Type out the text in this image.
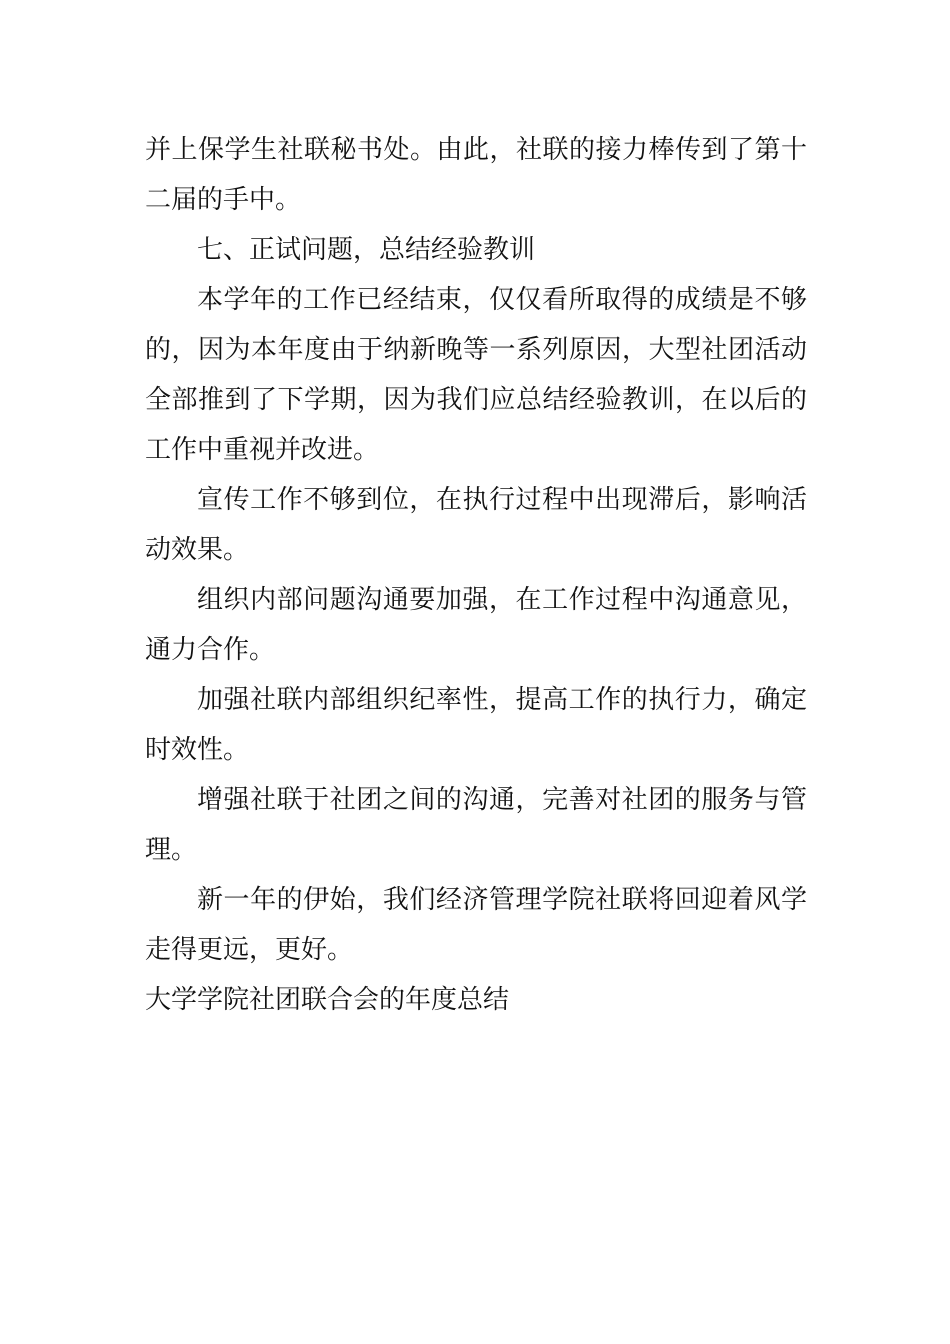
并上保学生社联秘书处。由此，社联的接力棒传到了第十二届的手中。

七、正试问题，总结经验教训

本学年的工作已经结束，仅仅看所取得的成绩是不够的，因为本年度由于纳新晚等一系列原因，大型社团活动全部推到了下学期，因为我们应总结经验教训，在以后的工作中重视并改进。

宣传工作不够到位，在执行过程中出现滞后，影响活动效果。

组织内部问题沟通要加强，在工作过程中沟通意见，通力合作。

加强社联内部组织纪率性，提高工作的执行力，确定时效性。

增强社联于社团之间的沟通，完善对社团的服务与管理。

新一年的伊始，我们经济管理学院社联将回迎着风学走得更远，更好。

大学学院社团联合会的年度总结
